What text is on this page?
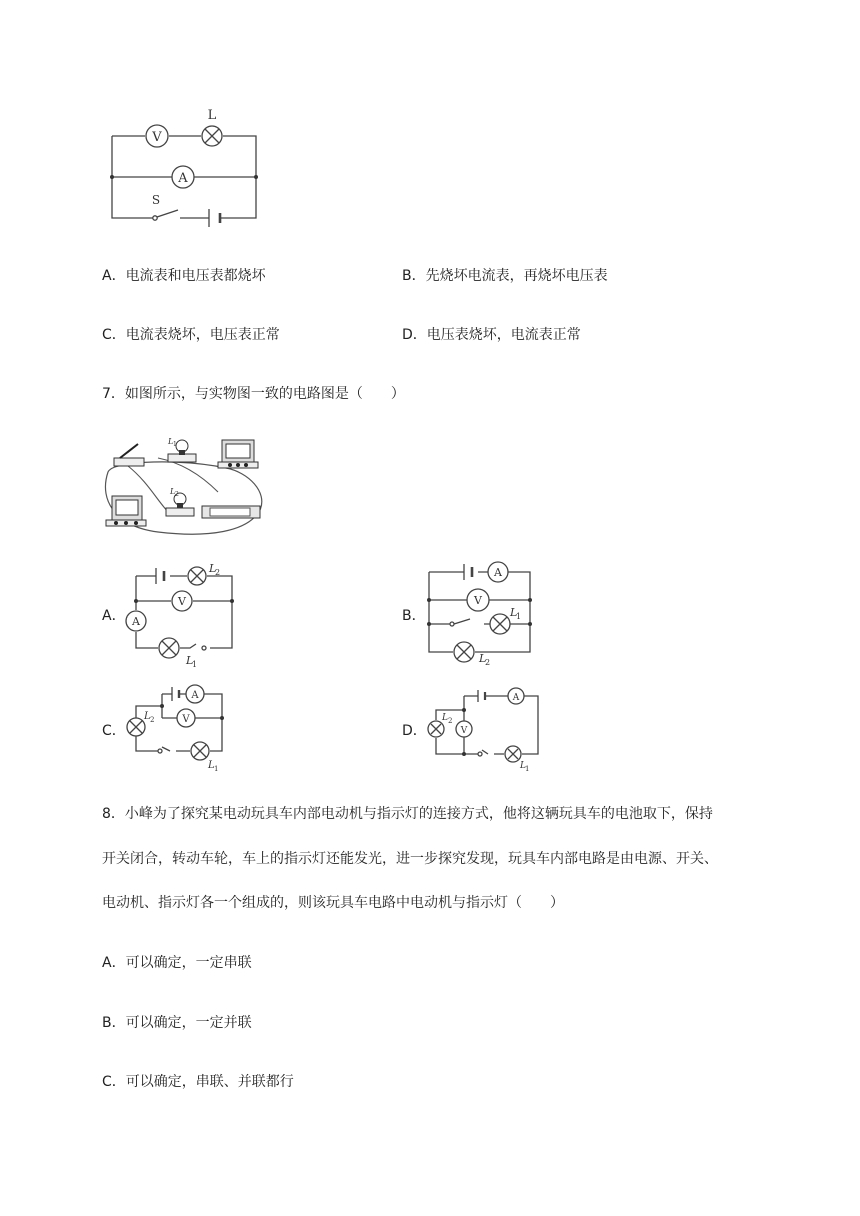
V
L
A
S
A．电流表和电压表都烧坏	B．先烧坏电流表，再烧坏电压表
C．电流表烧坏，电压表正常	D．电压表烧坏，电流表正常
7．如图所示，与实物图一致的电路图是（　　）
L 1
L 2
A．
L
2
V
A
L
1
B．
A
V
L
1
L
2
C．
A
V
L 2
L 1
D．
A
V
L 2
L 1
8．小峰为了探究某电动玩具车内部电动机与指示灯的连接方式，他将这辆玩具车的电池取下，保持
开关闭合，转动车轮，车上的指示灯还能发光，进一步探究发现，玩具车内部电路是由电源、开关、
电动机、指示灯各一个组成的，则该玩具车电路中电动机与指示灯（　　）
A．可以确定，一定串联
B．可以确定，一定并联
C．可以确定，串联、并联都行
